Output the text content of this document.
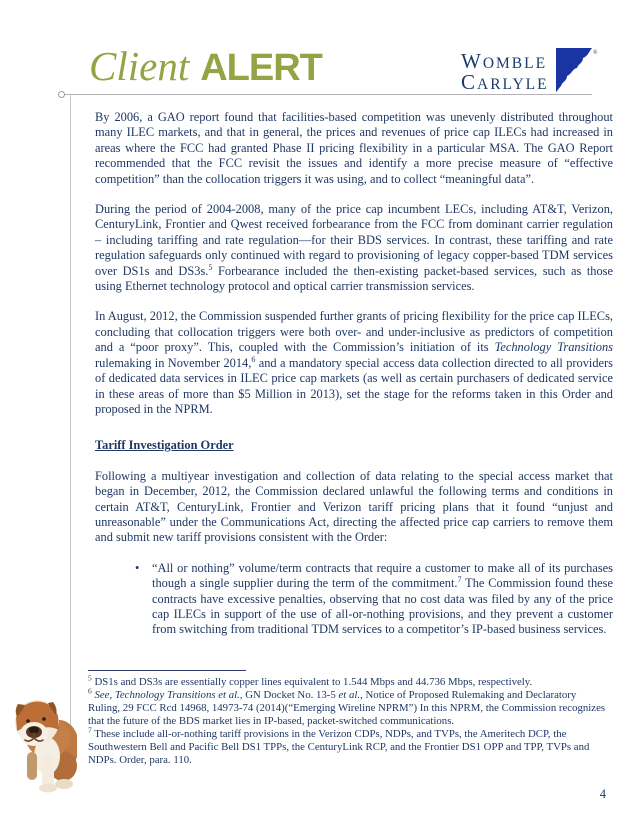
Client ALERT	WOMBLE
CARLYLE
®

By 2006, a GAO report found that facilities-based competition was unevenly distributed throughout many ILEC markets, and that in general, the prices and revenues of price cap ILECs had increased in areas where the FCC had granted Phase II pricing flexibility in a particular MSA. The GAO Report recommended that the FCC revisit the issues and identify a more precise measure of “effective competition” than the collocation triggers it was using, and to collect “meaningful data”.

During the period of 2004-2008, many of the price cap incumbent LECs, including AT&T, Verizon, CenturyLink, Frontier and Qwest received forbearance from the FCC from dominant carrier regulation – including tariffing and rate regulation—for their BDS services. In contrast, these tariffing and rate regulation safeguards only continued with regard to provisioning of legacy copper-based TDM services over DS1s and DS3s.$^5$ Forbearance included the then-existing packet-based services, such as those using Ethernet technology protocol and optical carrier transmission services.

In August, 2012, the Commission suspended further grants of pricing flexibility for the price cap ILECs, concluding that collocation triggers were both over- and under-inclusive as predictors of competition and a “poor proxy”. This, coupled with the Commission’s initiation of its Technology Transitions rulemaking in November 2014,$^6$ and a mandatory special access data collection directed to all providers of dedicated data services in ILEC price cap markets (as well as certain purchasers of dedicated service in these areas of more than $5 Million in 2013), set the stage for the reforms taken in this Order and proposed in the NPRM.

Tariff Investigation Order

Following a multiyear investigation and collection of data relating to the special access market that began in December, 2012, the Commission declared unlawful the following terms and conditions in certain AT&T, CenturyLink, Frontier and Verizon tariff pricing plans that it found “unjust and unreasonable” under the Communications Act, directing the affected price cap carriers to remove them and submit new tariff provisions consistent with the Order:

• “All or nothing” volume/term contracts that require a customer to make all of its purchases though a single supplier during the term of the commitment.$^7$ The Commission found these contracts have excessive penalties, observing that no cost data was filed by any of the price cap ILECs in support of the use of all-or-nothing provisions, and they prevent a customer from switching from traditional TDM services to a competitor’s IP-based business services.

$^5$ DS1s and DS3s are essentially copper lines equivalent to 1.544 Mbps and 44.736 Mbps, respectively.

$^6$ See, Technology Transitions et al., GN Docket No. 13-5 et al., Notice of Proposed Rulemaking and Declaratory Ruling, 29 FCC Rcd 14968, 14973-74 (2014)(“Emerging Wireline NPRM”) In this NPRM, the Commission recognizes that the future of the BDS market lies in IP-based, packet-switched communications.

$^7$ These include all-or-nothing tariff provisions in the Verizon CDPs, NDPs, and TVPs, the Ameritech DCP, the Southwestern Bell and Pacific Bell DS1 TPPs, the CenturyLink RCP, and the Frontier DS1 OPP and TPP, TVPs and NDPs. Order, para. 110.

4
